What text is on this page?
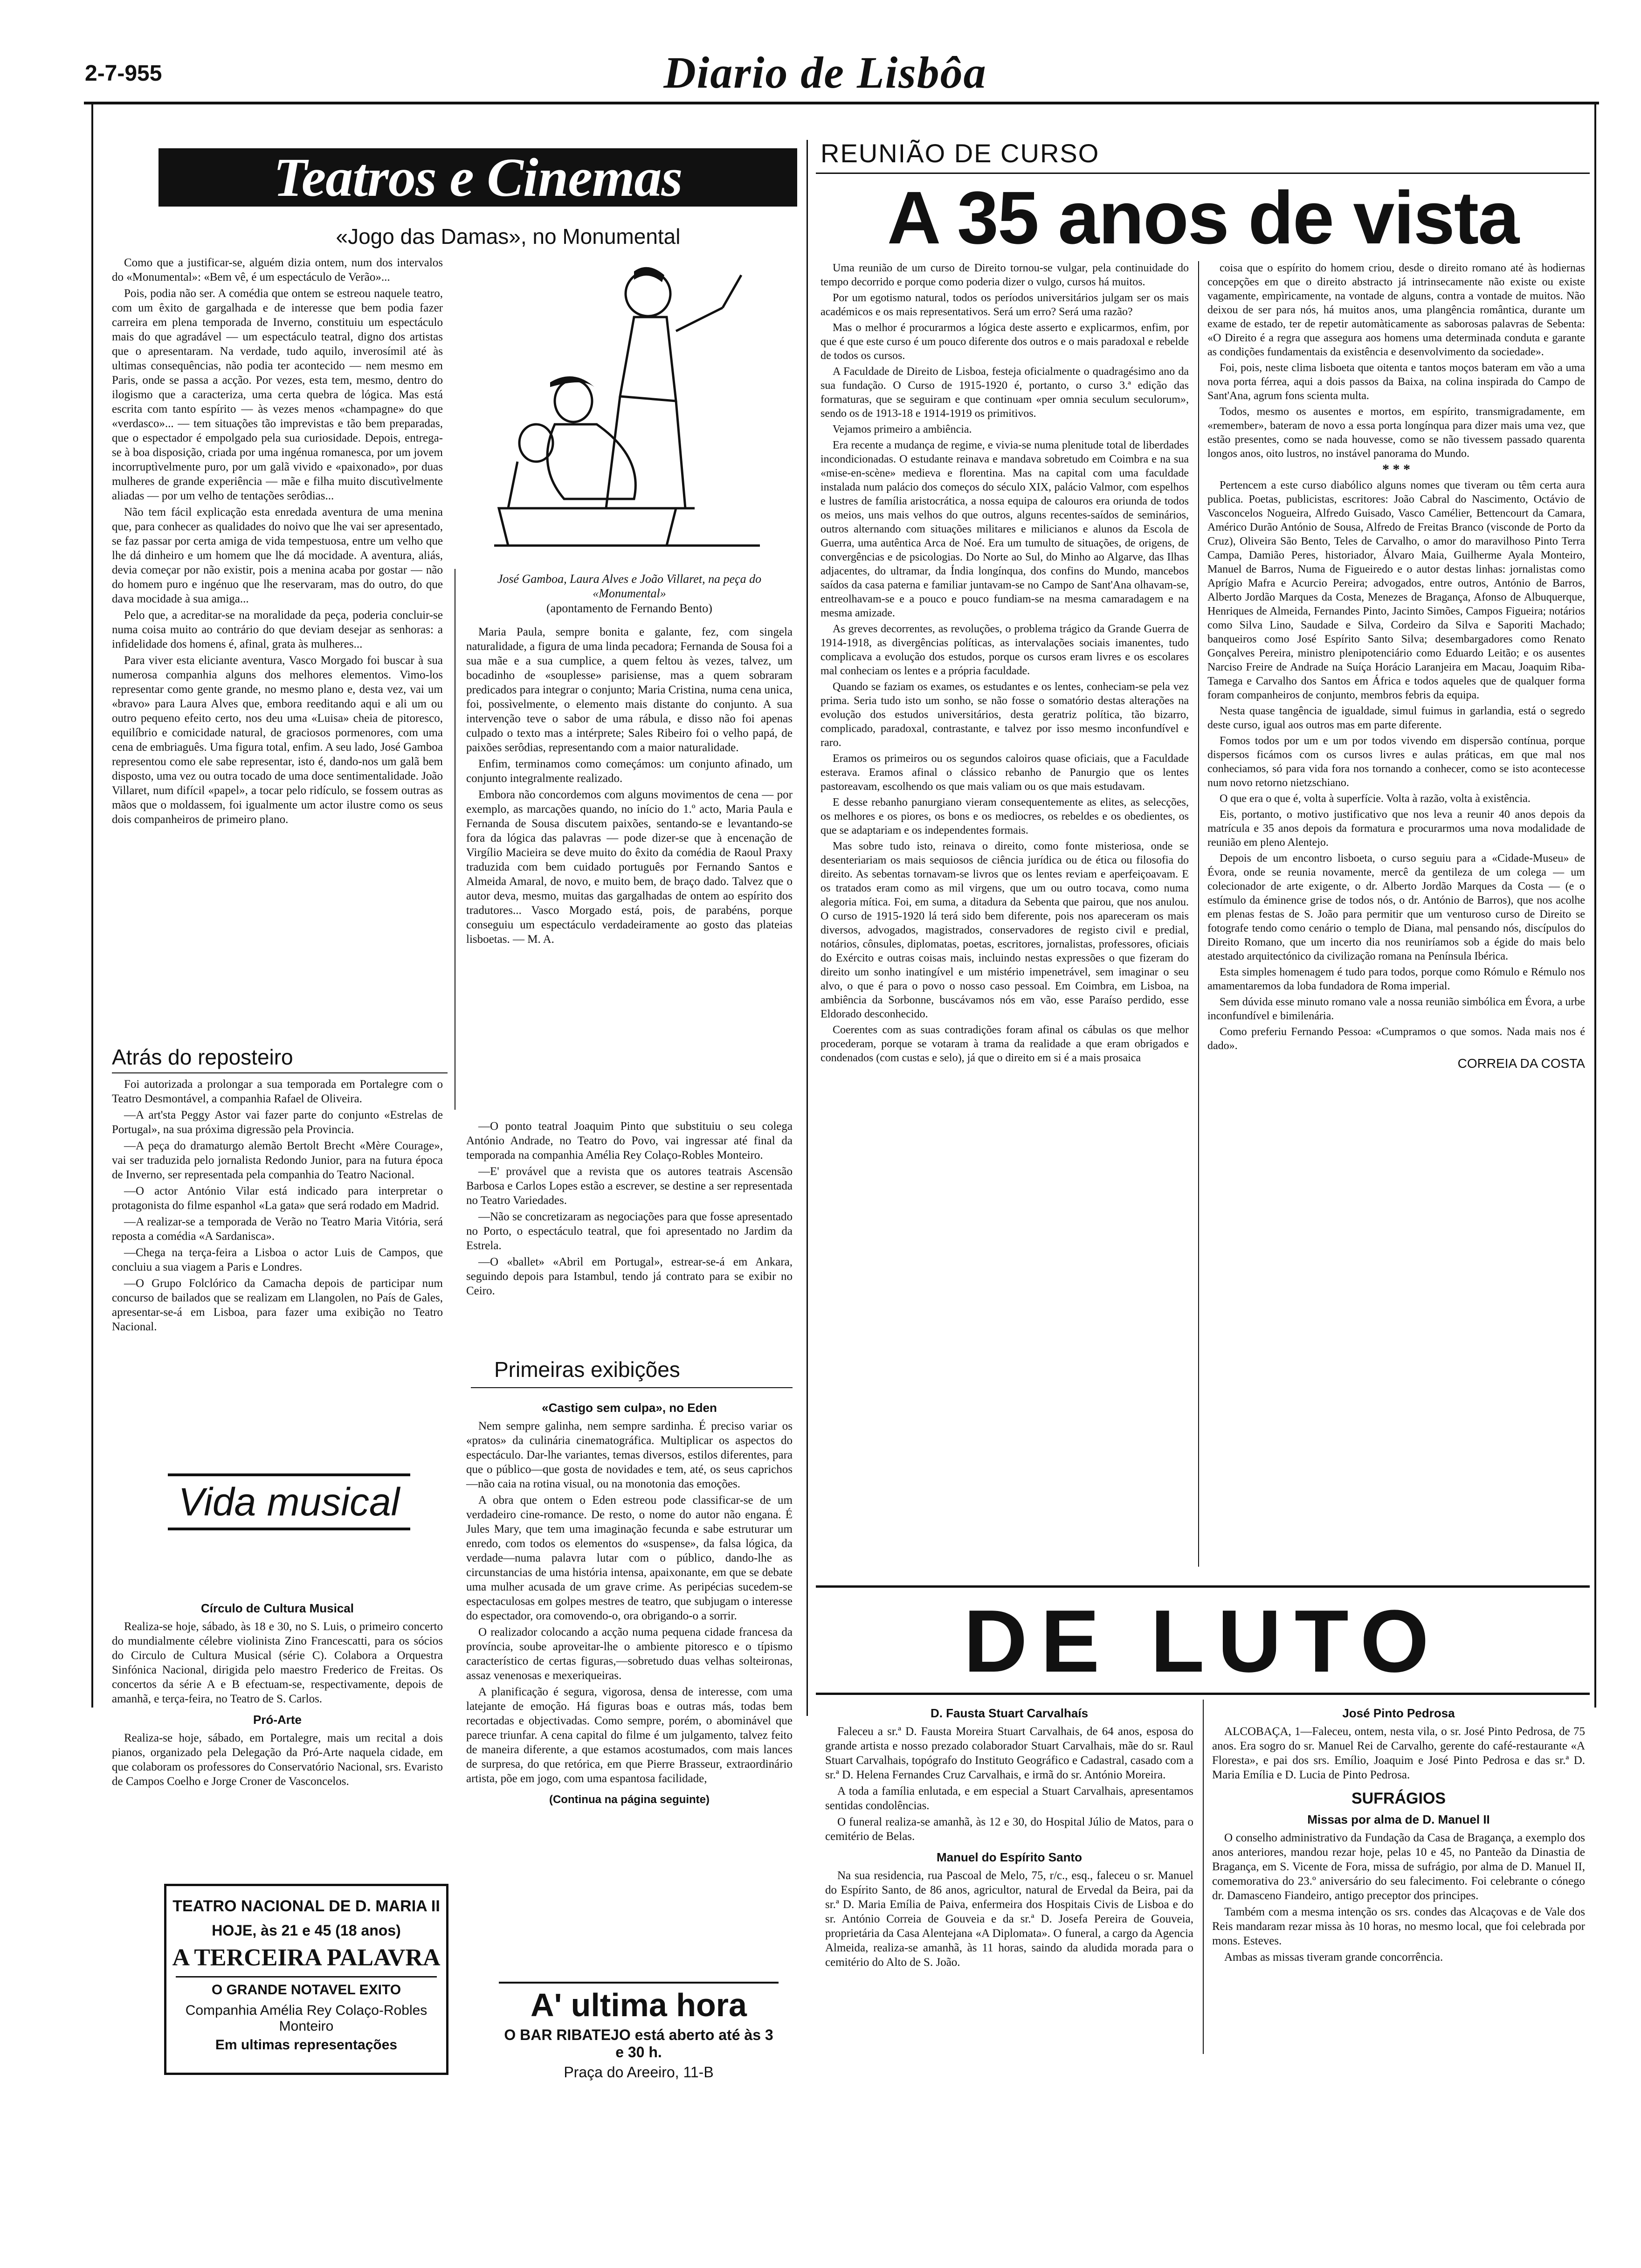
2-7-955	Diario de Lisbôa
Teatros e Cinemas
«Jogo das Damas», no Monumental

Como que a justificar-se, alguém dizia ontem, num dos intervalos do «Monumental»: «Bem vê, é um espectáculo de Verão»...

Pois, podia não ser. A comédia que ontem se estreou naquele teatro, com um êxito de gargalhada e de interesse que bem podia fazer carreira em plena temporada de Inverno, constituiu um espectáculo mais do que agradável — um espectáculo teatral, digno dos artistas que o apresentaram. Na verdade, tudo aquilo, inverosímil até às ultimas consequências, não podia ter acontecido — nem mesmo em Paris, onde se passa a acção. Por vezes, esta tem, mesmo, dentro do ilogismo que a caracteriza, uma certa quebra de lógica. Mas está escrita com tanto espírito — às vezes menos «champagne» do que «verdasco»... — tem situações tão imprevistas e tão bem preparadas, que o espectador é empolgado pela sua curiosidade. Depois, entrega-se à boa disposição, criada por uma ingénua romanesca, por um jovem incorruptìvelmente puro, por um galã vivido e «paixonado», por duas mulheres de grande experiência — mãe e filha muito discutìvelmente aliadas — por um velho de tentações serôdias...

Não tem fácil explicação esta enredada aventura de uma menina que, para conhecer as qualidades do noivo que lhe vai ser apresentado, se faz passar por certa amiga de vida tempestuosa, entre um velho que lhe dá dinheiro e um homem que lhe dá mocidade. A aventura, aliás, devia começar por não existir, pois a menina acaba por gostar — não do homem puro e ingénuo que lhe reservaram, mas do outro, do que dava mocidade à sua amiga...

Pelo que, a acreditar-se na moralidade da peça, poderia concluir-se numa coisa muito ao contrário do que deviam desejar as senhoras: a infidelidade dos homens é, afinal, grata às mulheres...

Para viver esta eliciante aventura, Vasco Morgado foi buscar à sua numerosa companhia alguns dos melhores elementos. Vimo-los representar como gente grande, no mesmo plano e, desta vez, vai um «bravo» para Laura Alves que, embora reeditando aqui e ali um ou outro pequeno efeito certo, nos deu uma «Luisa» cheia de pitoresco, equilíbrio e comicidade natural, de graciosos pormenores, com uma cena de embriaguês. Uma figura total, enfim. A seu lado, José Gamboa representou como ele sabe representar, isto é, dando-nos um galã bem disposto, uma vez ou outra tocado de uma doce sentimentalidade. João Villaret, num difícil «papel», a tocar pelo ridículo, se fossem outras as mãos que o moldassem, foi igualmente um actor ilustre como os seus dois companheiros de primeiro plano.

José Gamboa, Laura Alves e João Villaret, na peça do «Monumental»
(apontamento de Fernando Bento)

Maria Paula, sempre bonita e galante, fez, com singela naturalidade, a figura de uma linda pecadora; Fernanda de Sousa foi a sua mãe e a sua cumplice, a quem feltou às vezes, talvez, um bocadinho de «souplesse» parisiense, mas a quem sobraram predicados para integrar o conjunto; Maria Cristina, numa cena unica, foi, possìvelmente, o elemento mais distante do conjunto. A sua intervenção teve o sabor de uma rábula, e disso não foi apenas culpado o texto mas a intérprete; Sales Ribeiro foi o velho papá, de paixões serôdias, representando com a maior naturalidade.

Enfim, terminamos como começámos: um conjunto afinado, um conjunto integralmente realizado.

Embora não concordemos com alguns movimentos de cena — por exemplo, as marcações quando, no início do 1.º acto, Maria Paula e Fernanda de Sousa discutem paixões, sentando-se e levantando-se fora da lógica das palavras — pode dizer-se que à encenação de Virgílio Macieira se deve muito do êxito da comédia de Raoul Praxy traduzida com bem cuidado português por Fernando Santos e Almeida Amaral, de novo, e muito bem, de braço dado. Talvez que o autor deva, mesmo, muitas das gargalhadas de ontem ao espírito dos tradutores... Vasco Morgado está, pois, de parabéns, porque conseguiu um espectáculo verdadeiramente ao gosto das plateias lisboetas. — M. A.

Atrás do reposteiro

Foi autorizada a prolongar a sua temporada em Portalegre com o Teatro Desmontável, a companhia Rafael de Oliveira.

—A art'sta Peggy Astor vai fazer parte do conjunto «Estrelas de Portugal», na sua próxima digressão pela Provincia.

—A peça do dramaturgo alemão Bertolt Brecht «Mère Courage», vai ser traduzida pelo jornalista Redondo Junior, para na futura época de Inverno, ser representada pela companhia do Teatro Nacional.

—O actor António Vilar está indicado para interpretar o protagonista do filme espanhol «La gata» que será rodado em Madrid.

—A realizar-se a temporada de Verão no Teatro Maria Vitória, será reposta a comédia «A Sardanisca».

—Chega na terça-feira a Lisboa o actor Luis de Campos, que concluiu a sua viagem a Paris e Londres.

—O Grupo Folclórico da Camacha depois de participar num concurso de bailados que se realizam em Llangolen, no País de Gales, apresentar-se-á em Lisboa, para fazer uma exibição no Teatro Nacional.

—O ponto teatral Joaquim Pinto que substituiu o seu colega António Andrade, no Teatro do Povo, vai ingressar até final da temporada na companhia Amélia Rey Colaço-Robles Monteiro.

—E' provável que a revista que os autores teatrais Ascensão Barbosa e Carlos Lopes estão a escrever, se destine a ser representada no Teatro Variedades.

—Não se concretizaram as negociações para que fosse apresentado no Porto, o espectáculo teatral, que foi apresentado no Jardim da Estrela.

—O «ballet» «Abril em Portugal», estrear-se-á em Ankara, seguindo depois para Istambul, tendo já contrato para se exibir no Ceiro.

Vida musical

Círculo de Cultura Musical

Realiza-se hoje, sábado, às 18 e 30, no S. Luis, o primeiro concerto do mundialmente célebre violinista Zino Francescatti, para os sócios do Circulo de Cultura Musical (série C). Colabora a Orquestra Sinfónica Nacional, dirigida pelo maestro Frederico de Freitas. Os concertos da série A e B efectuam-se, respectivamente, depois de amanhã, e terça-feira, no Teatro de S. Carlos.

Pró-Arte

Realiza-se hoje, sábado, em Portalegre, mais um recital a dois pianos, organizado pela Delegação da Pró-Arte naquela cidade, em que colaboram os professores do Conservatório Nacional, srs. Evaristo de Campos Coelho e Jorge Croner de Vasconcelos.

TEATRO NACIONAL DE D. MARIA II
HOJE, às 21 e 45 (18 anos)
A TERCEIRA PALAVRA
O GRANDE NOTAVEL EXITO
Companhia Amélia Rey Colaço-Robles Monteiro
Em ultimas representações
Primeiras exibições

«Castigo sem culpa», no Eden

Nem sempre galinha, nem sempre sardinha. É preciso variar os «pratos» da culinária cinematográfica. Multiplicar os aspectos do espectáculo. Dar-lhe variantes, temas diversos, estilos diferentes, para que o público—que gosta de novidades e tem, até, os seus caprichos—não caia na rotina visual, ou na monotonia das emoções.

A obra que ontem o Eden estreou pode classificar-se de um verdadeiro cine-romance. De resto, o nome do autor não engana. É Jules Mary, que tem uma imaginação fecunda e sabe estruturar um enredo, com todos os elementos do «suspense», da falsa lógica, da verdade—numa palavra lutar com o público, dando-lhe as circunstancias de uma história intensa, apaixonante, em que se debate uma mulher acusada de um grave crime. As peripécias sucedem-se espectaculosas em golpes mestres de teatro, que subjugam o interesse do espectador, ora comovendo-o, ora obrigando-o a sorrir.

O realizador colocando a acção numa pequena cidade francesa da província, soube aproveitar-lhe o ambiente pitoresco e o típismo característico de certas figuras,—sobretudo duas velhas solteironas, assaz venenosas e mexeriqueiras.

A planificação é segura, vigorosa, densa de interesse, com uma latejante de emoção. Há figuras boas e outras más, todas bem recortadas e objectivadas. Como sempre, porém, o abominável que parece triunfar. A cena capital do filme é um julgamento, talvez feito de maneira diferente, a que estamos acostumados, com mais lances de surpresa, do que retórica, em que Pierre Brasseur, extraordinário artista, põe em jogo, com uma espantosa facilidade,

(Continua na página seguinte)

A' ultima hora
O BAR RIBATEJO está aberto até às 3 e 30 h.
Praça do Areeiro, 11-B
REUNIÃO DE CURSO
A 35 anos de vista

Uma reunião de um curso de Direito tornou-se vulgar, pela continuidade do tempo decorrido e porque como poderia dizer o vulgo, cursos há muitos.

Por um egotismo natural, todos os períodos universitários julgam ser os mais académicos e os mais representativos. Será um erro? Será uma razão?

Mas o melhor é procurarmos a lógica deste asserto e explicarmos, enfim, por que é que este curso é um pouco diferente dos outros e o mais paradoxal e rebelde de todos os cursos.

A Faculdade de Direito de Lisboa, festeja oficialmente o quadragésimo ano da sua fundação. O Curso de 1915-1920 é, portanto, o curso 3.ª edição das formaturas, que se seguiram e que continuam «per omnia seculum seculorum», sendo os de 1913-18 e 1914-1919 os primitivos.

Vejamos primeiro a ambiência.

Era recente a mudança de regime, e vivia-se numa plenitude total de liberdades incondicionadas. O estudante reinava e mandava sobretudo em Coimbra e na sua «mise-en-scène» medieva e florentina. Mas na capital com uma faculdade instalada num palácio dos começos do século XIX, palácio Valmor, com espelhos e lustres de família aristocrática, a nossa equipa de calouros era oriunda de todos os meios, uns mais velhos do que outros, alguns recentes-saídos de seminários, outros alternando com situações militares e milicianos e alunos da Escola de Guerra, uma autêntica Arca de Noé. Era um tumulto de situações, de origens, de convergências e de psicologias. Do Norte ao Sul, do Minho ao Algarve, das Ilhas adjacentes, do ultramar, da Índia longínqua, dos confins do Mundo, mancebos saídos da casa paterna e familiar juntavam-se no Campo de Sant'Ana olhavam-se, entreolhavam-se e a pouco e pouco fundiam-se na mesma camaradagem e na mesma amizade.

As greves decorrentes, as revoluções, o problema trágico da Grande Guerra de 1914-1918, as divergências políticas, as intervalações sociais imanentes, tudo complicava a evolução dos estudos, porque os cursos eram livres e os escolares mal conheciam os lentes e a própria faculdade.

Quando se faziam os exames, os estudantes e os lentes, conheciam-se pela vez prima. Seria tudo isto um sonho, se não fosse o somatório destas alterações na evolução dos estudos universitários, desta geratriz política, tão bizarro, complicado, paradoxal, contrastante, e talvez por isso mesmo inconfundível e raro.

Eramos os primeiros ou os segundos caloiros quase oficiais, que a Faculdade esterava. Eramos afinal o clássico rebanho de Panurgio que os lentes pastoreavam, escolhendo os que mais valiam ou os que mais estudavam.

E desse rebanho panurgiano vieram consequentemente as elites, as selecções, os melhores e os piores, os bons e os mediocres, os rebeldes e os obedientes, os que se adaptariam e os independentes formais.

Mas sobre tudo isto, reinava o direito, como fonte misteriosa, onde se desenteriariam os mais sequiosos de ciência jurídica ou de ética ou filosofia do direito. As sebentas tornavam-se livros que os lentes reviam e aperfeiçoavam. E os tratados eram como as mil virgens, que um ou outro tocava, como numa alegoria mítica. Foi, em suma, a ditadura da Sebenta que pairou, que nos anulou. O curso de 1915-1920 lá terá sido bem diferente, pois nos apareceram os mais diversos, advogados, magistrados, conservadores de registo civil e predial, notários, cônsules, diplomatas, poetas, escritores, jornalistas, professores, oficiais do Exército e outras coisas mais, incluindo nestas expressões o que fizeram do direito um sonho inatingível e um mistério impenetrável, sem imaginar o seu alvo, o que é para o povo o nosso caso pessoal. Em Coimbra, em Lisboa, na ambiência da Sorbonne, buscávamos nós em vão, esse Paraíso perdido, esse Eldorado desconhecido.

Coerentes com as suas contradições foram afinal os cábulas os que melhor procederam, porque se votaram à trama da realidade a que eram obrigados e condenados (com custas e selo), já que o direito em si é a mais prosaica

coisa que o espírito do homem criou, desde o direito romano até às hodiernas concepções em que o direito abstracto já intrinsecamente não existe ou existe vagamente, empìricamente, na vontade de alguns, contra a vontade de muitos. Não deixou de ser para nós, há muitos anos, uma plangência romântica, durante um exame de estado, ter de repetir automàticamente as saborosas palavras de Sebenta: «O Direito é a regra que assegura aos homens uma determinada conduta e garante as condições fundamentais da existência e desenvolvimento da sociedade».

Foi, pois, neste clima lisboeta que oitenta e tantos moços bateram em vão a uma nova porta férrea, aqui a dois passos da Baixa, na colina inspirada do Campo de Sant'Ana, agrum fons scienta multa.

Todos, mesmo os ausentes e mortos, em espírito, transmigradamente, em «remember», bateram de novo a essa porta longínqua para dizer mais uma vez, que estão presentes, como se nada houvesse, como se não tivessem passado quarenta longos anos, oito lustros, no instável panorama do Mundo.

* * *

Pertencem a este curso diabólico alguns nomes que tiveram ou têm certa aura publica. Poetas, publicistas, escritores: João Cabral do Nascimento, Octávio de Vasconcelos Nogueira, Alfredo Guisado, Vasco Camélier, Bettencourt da Camara, Américo Durão António de Sousa, Alfredo de Freitas Branco (visconde de Porto da Cruz), Oliveira São Bento, Teles de Carvalho, o amor do maravilhoso Pinto Terra Campa, Damião Peres, historiador, Álvaro Maia, Guilherme Ayala Monteiro, Manuel de Barros, Numa de Figueiredo e o autor destas linhas: jornalistas como Aprígio Mafra e Acurcio Pereira; advogados, entre outros, António de Barros, Alberto Jordão Marques da Costa, Menezes de Bragança, Afonso de Albuquerque, Henriques de Almeida, Fernandes Pinto, Jacinto Simões, Campos Figueira; notários como Silva Lino, Saudade e Silva, Cordeiro da Silva e Saporiti Machado; banqueiros como José Espírito Santo Silva; desembargadores como Renato Gonçalves Pereira, ministro plenipotenciário como Eduardo Leitão; e os ausentes Narciso Freire de Andrade na Suíça Horácio Laranjeira em Macau, Joaquim Riba-Tamega e Carvalho dos Santos em África e todos aqueles que de qualquer forma foram companheiros de conjunto, membros febris da equipa.

Nesta quase tangência de igualdade, simul fuimus in garlandia, está o segredo deste curso, igual aos outros mas em parte diferente.

Fomos todos por um e um por todos vivendo em dispersão contínua, porque dispersos ficámos com os cursos livres e aulas práticas, em que mal nos conheciamos, só para vida fora nos tornando a conhecer, como se isto acontecesse num novo retorno nietzschiano.

O que era o que é, volta à superfície. Volta à razão, volta à existência.

Eis, portanto, o motivo justificativo que nos leva a reunir 40 anos depois da matrícula e 35 anos depois da formatura e procurarmos uma nova modalidade de reunião em pleno Alentejo.

Depois de um encontro lisboeta, o curso seguiu para a «Cidade-Museu» de Évora, onde se reunia novamente, mercê da gentileza de um colega — um colecionador de arte exigente, o dr. Alberto Jordão Marques da Costa — (e o estímulo da éminence grise de todos nós, o dr. António de Barros), que nos acolhe em plenas festas de S. João para permitir que um venturoso curso de Direito se fotografe tendo como cenário o templo de Diana, mal pensando nós, discípulos do Direito Romano, que um incerto dia nos reuniríamos sob a égide do mais belo atestado arquitectónico da civilização romana na Península Ibérica.

Esta simples homenagem é tudo para todos, porque como Rómulo e Rémulo nos amamentaremos da loba fundadora de Roma imperial.

Sem dúvida esse minuto romano vale a nossa reunião simbólica em Évora, a urbe inconfundível e bimilenária.

Como preferiu Fernando Pessoa: «Cumpramos o que somos. Nada mais nos é dado».

CORREIA DA COSTA

DE LUTO

D. Fausta Stuart Carvalhaís

Faleceu a sr.ª D. Fausta Moreira Stuart Carvalhais, de 64 anos, esposa do grande artista e nosso prezado colaborador Stuart Carvalhais, mãe do sr. Raul Stuart Carvalhais, topógrafo do Instituto Geográfico e Cadastral, casado com a sr.ª D. Helena Fernandes Cruz Carvalhais, e irmã do sr. António Moreira.

A toda a família enlutada, e em especial a Stuart Carvalhais, apresentamos sentidas condolências.

O funeral realiza-se amanhã, às 12 e 30, do Hospital Júlio de Matos, para o cemitério de Belas.

Manuel do Espírito Santo

Na sua residencia, rua Pascoal de Melo, 75, r/c., esq., faleceu o sr. Manuel do Espírito Santo, de 86 anos, agricultor, natural de Ervedal da Beira, pai da sr.ª D. Maria Emília de Paiva, enfermeira dos Hospitais Civis de Lisboa e do sr. António Correia de Gouveia e da sr.ª D. Josefa Pereira de Gouveia, proprietária da Casa Alentejana «A Diplomata». O funeral, a cargo da Agencia Almeida, realiza-se amanhã, às 11 horas, saindo da aludida morada para o cemitério do Alto de S. João.

José Pinto Pedrosa

ALCOBAÇA, 1—Faleceu, ontem, nesta vila, o sr. José Pinto Pedrosa, de 75 anos. Era sogro do sr. Manuel Rei de Carvalho, gerente do café-restaurante «A Floresta», e pai dos srs. Emílio, Joaquim e José Pinto Pedrosa e das sr.ª D. Maria Emília e D. Lucia de Pinto Pedrosa.

SUFRÁGIOS

Missas por alma de D. Manuel II

O conselho administrativo da Fundação da Casa de Bragança, a exemplo dos anos anteriores, mandou rezar hoje, pelas 10 e 45, no Panteão da Dinastia de Bragança, em S. Vicente de Fora, missa de sufrágio, por alma de D. Manuel II, comemorativa do 23.º aniversário do seu falecimento. Foi celebrante o cónego dr. Damasceno Fiandeiro, antigo preceptor dos principes.

Também com a mesma intenção os srs. condes das Alcaçovas e de Vale dos Reis mandaram rezar missa às 10 horas, no mesmo local, que foi celebrada por mons. Esteves.

Ambas as missas tiveram grande concorrência.
